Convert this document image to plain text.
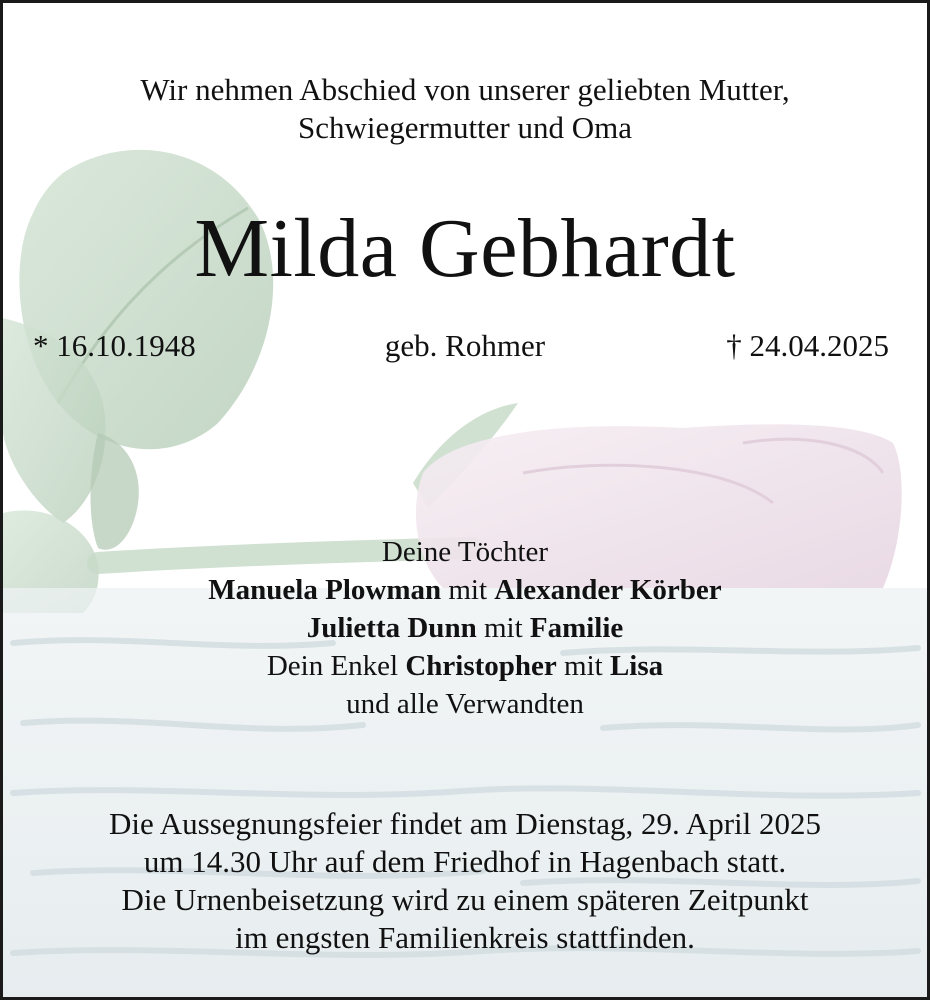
Wir nehmen Abschied von unserer geliebten Mutter,
Schwiegermutter und Oma
Milda Gebhardt
* 16.10.1948	geb. Rohmer	† 24.04.2025
Deine Töchter
Manuela Plowman mit Alexander Körber
Julietta Dunn mit Familie
Dein Enkel Christopher mit Lisa
und alle Verwandten
Die Aussegnungsfeier findet am Dienstag, 29. April 2025
um 14.30 Uhr auf dem Friedhof in Hagenbach statt.
Die Urnenbeisetzung wird zu einem späteren Zeitpunkt
im engsten Familienkreis stattfinden.
